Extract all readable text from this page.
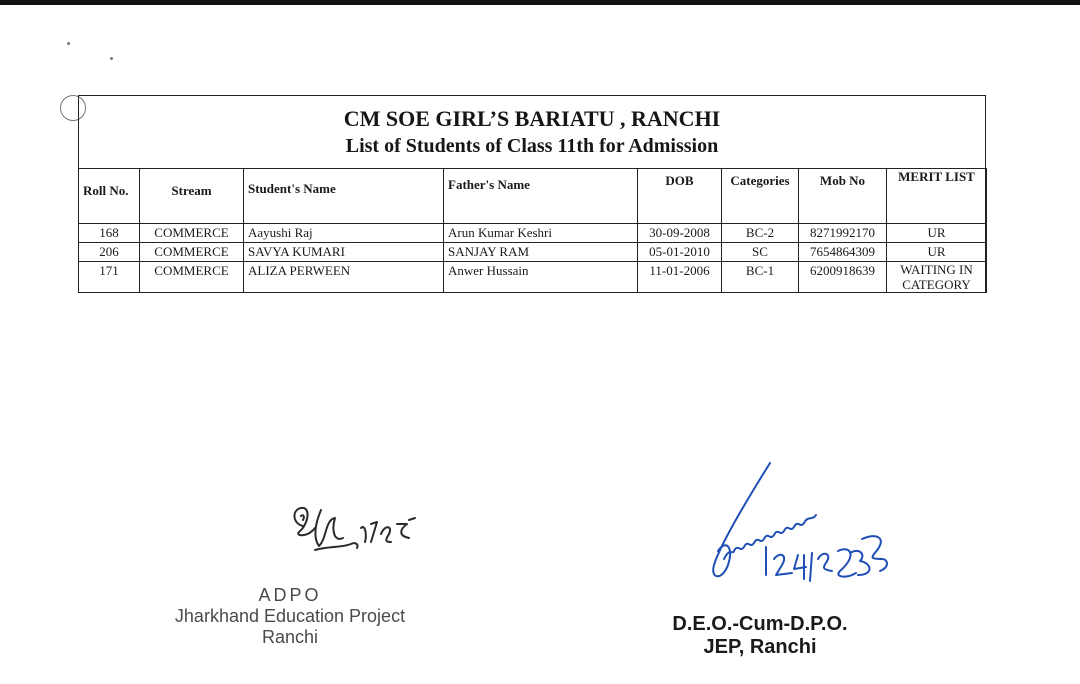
CM SOE GIRL’S BARIATU , RANCHI
List of Students of Class 11th for Admission
Roll No.	Stream	Student's Name	Father's Name	DOB	Categories	Mob No	MERIT LIST
168	COMMERCE	Aayushi Raj	Arun Kumar Keshri	30-09-2008	BC-2	8271992170	UR
206	COMMERCE	SAVYA KUMARI	SANJAY RAM	05-01-2010	SC	7654864309	UR
171	COMMERCE	ALIZA PERWEEN	Anwer Hussain	11-01-2006	BC-1	6200918639	WAITING IN CATEGORY
ADPO
Jharkhand Education Project
Ranchi
D.E.O.-Cum-D.P.O.
JEP, Ranchi
